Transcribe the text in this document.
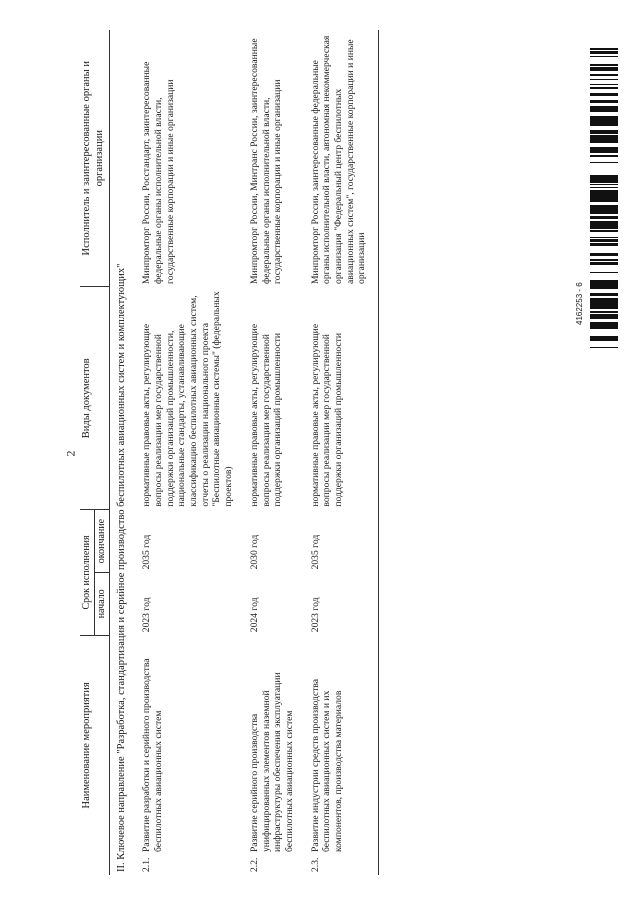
2
	Наименование мероприятия	Срок исполнения		Виды документов	Исполнитель и заинтересованные органы и организации
		начало	окончание		
II. Ключевое направление "Разработка, стандартизация и серийное производство беспилотных авиационных систем и комплектующих"					
2.1.	Развитие разработки и серийного производства беспилотных авиационных систем	2023 год	2035 год	нормативные правовые акты, регулирующие вопросы реализации мер государственной поддержки организаций промышленности, национальные стандарты, устанавливающие классификацию беспилотных авиационных систем, отчеты о реализации национального проекта "Беспилотные авиационные системы" (федеральных проектов)	Минпромторг России, Росстандарт, заинтересованные федеральные органы исполнительной власти, государственные корпорации и иные организации
2.2.	Развитие серийного производства унифицированных элементов наземной инфраструктуры обеспечения эксплуатации беспилотных авиационных систем	2024 год	2030 год	нормативные правовые акты, регулирующие вопросы реализации мер государственной поддержки организаций промышленности	Минпромторг России, Минтранс России, заинтересованные федеральные органы исполнительной власти, государственные корпорации и иные организации
2.3.	Развитие индустрии средств производства беспилотных авиационных систем и их компонентов, производства материалов	2023 год	2035 год	нормативные правовые акты, регулирующие вопросы реализации мер государственной поддержки организаций промышленности	Минпромторг России, заинтересованные федеральные органы исполнительной власти, автономная некоммерческая организация "Федеральный центр беспилотных авиационных систем", государственные корпорации и иные организации
4162253 - 6
